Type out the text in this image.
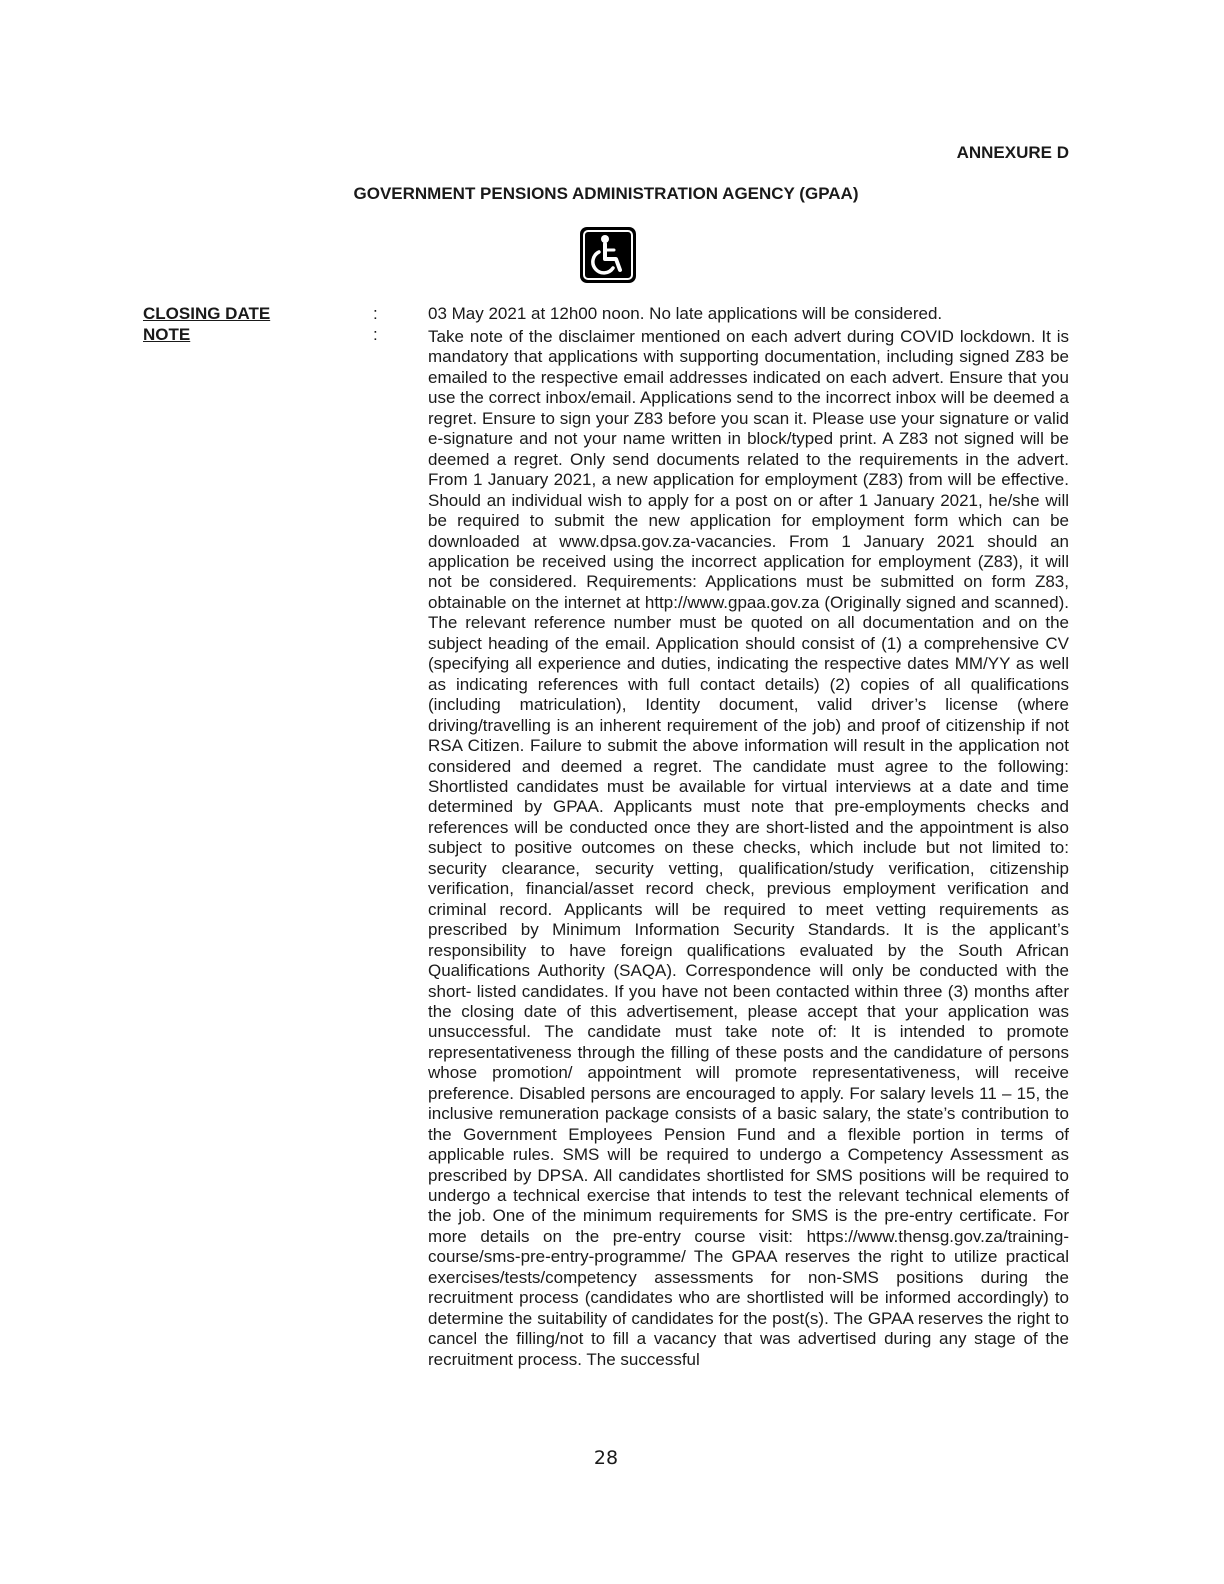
ANNEXURE D
GOVERNMENT PENSIONS ADMINISTRATION AGENCY (GPAA)
CLOSING DATE	:	03 May 2021 at 12h00 noon. No late applications will be considered.
NOTE	:	Take note of the disclaimer mentioned on each advert during COVID lockdown. It is mandatory that applications with supporting documentation, including signed Z83 be emailed to the respective email addresses indicated on each advert. Ensure that you use the correct inbox/email. Applications send to the incorrect inbox will be deemed a regret. Ensure to sign your Z83 before you scan it. Please use your signature or valid e-signature and not your name written in block/typed print. A Z83 not signed will be deemed a regret. Only send documents related to the requirements in the advert. From 1 January 2021, a new application for employment (Z83) from will be effective. Should an individual wish to apply for a post on or after 1 January 2021, he/she will be required to submit the new application for employment form which can be downloaded at www.dpsa.gov.za-vacancies. From 1 January 2021 should an application be received using the incorrect application for employment (Z83), it will not be considered. Requirements: Applications must be submitted on form Z83, obtainable on the internet at http://www.gpaa.gov.za (Originally signed and scanned). The relevant reference number must be quoted on all documentation and on the subject heading of the email. Application should consist of (1) a comprehensive CV (specifying all experience and duties, indicating the respective dates MM/YY as well as indicating references with full contact details) (2) copies of all qualifications (including matriculation), Identity document, valid driver’s license (where driving/travelling is an inherent requirement of the job) and proof of citizenship if not RSA Citizen. Failure to submit the above information will result in the application not considered and deemed a regret. The candidate must agree to the following: Shortlisted candidates must be available for virtual interviews at a date and time determined by GPAA. Applicants must note that pre-employments checks and references will be conducted once they are short-listed and the appointment is also subject to positive outcomes on these checks, which include but not limited to: security clearance, security vetting, qualification/study verification, citizenship verification, financial/asset record check, previous employment verification and criminal record. Applicants will be required to meet vetting requirements as prescribed by Minimum Information Security Standards. It is the applicant’s responsibility to have foreign qualifications evaluated by the South African Qualifications Authority (SAQA). Correspondence will only be conducted with the short- listed candidates. If you have not been contacted within three (3) months after the closing date of this advertisement, please accept that your application was unsuccessful. The candidate must take note of: It is intended to promote representativeness through the filling of these posts and the candidature of persons whose promotion/ appointment will promote representativeness, will receive preference. Disabled persons are encouraged to apply. For salary levels 11 – 15, the inclusive remuneration package consists of a basic salary, the state’s contribution to the Government Employees Pension Fund and a flexible portion in terms of applicable rules. SMS will be required to undergo a Competency Assessment as prescribed by DPSA. All candidates shortlisted for SMS positions will be required to undergo a technical exercise that intends to test the relevant technical elements of the job. One of the minimum requirements for SMS is the pre-entry certificate. For more details on the pre-entry course visit: https://www.thensg.gov.za/training-course/sms-pre-entry-programme/ The GPAA reserves the right to utilize practical exercises/tests/competency assessments for non-SMS positions during the recruitment process (candidates who are shortlisted will be informed accordingly) to determine the suitability of candidates for the post(s). The GPAA reserves the right to cancel the filling/not to fill a vacancy that was advertised during any stage of the recruitment process. The successful
28
